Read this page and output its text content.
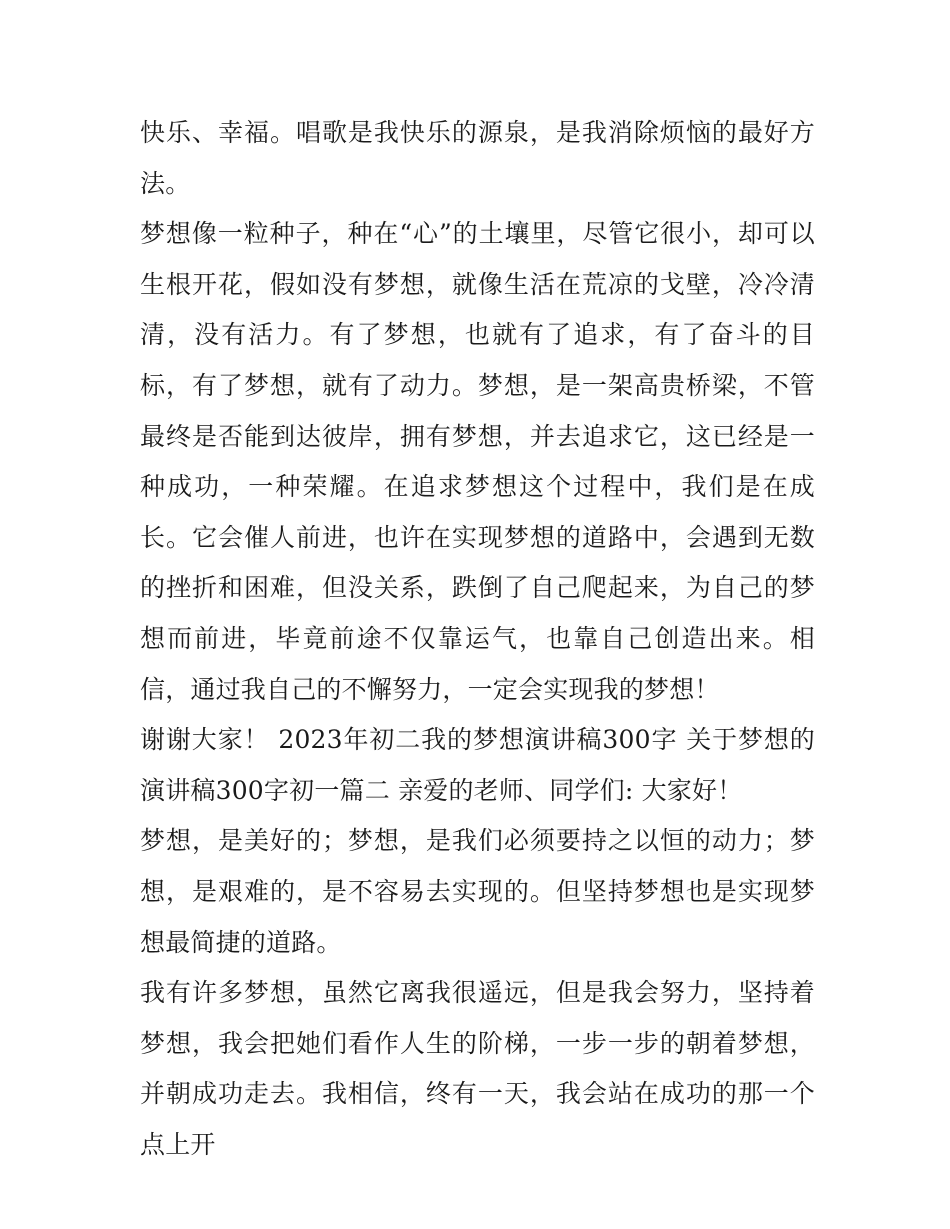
快乐、幸福。唱歌是我快乐的源泉，是我消除烦恼的最好方法。

梦想像一粒种子，种在“心”的土壤里，尽管它很小，却可以生根开花，假如没有梦想，就像生活在荒凉的戈壁，冷冷清清，没有活力。有了梦想，也就有了追求，有了奋斗的目标，有了梦想，就有了动力。梦想，是一架高贵桥梁，不管最终是否能到达彼岸，拥有梦想，并去追求它，这已经是一种成功，一种荣耀。在追求梦想这个过程中，我们是在成长。它会催人前进，也许在实现梦想的道路中，会遇到无数的挫折和困难，但没关系，跌倒了自己爬起来，为自己的梦想而前进，毕竟前途不仅靠运气，也靠自己创造出来。相信，通过我自己的不懈努力，一定会实现我的梦想！

谢谢大家！ 2023年初二我的梦想演讲稿300字 关于梦想的演讲稿300字初一篇二 亲爱的老师、同学们: 大家好！

梦想，是美好的；梦想，是我们必须要持之以恒的动力；梦想，是艰难的，是不容易去实现的。但坚持梦想也是实现梦想最简捷的道路。

我有许多梦想，虽然它离我很遥远，但是我会努力，坚持着梦想，我会把她们看作人生的阶梯，一步一步的朝着梦想，并朝成功走去。我相信，终有一天，我会站在成功的那一个点上开
